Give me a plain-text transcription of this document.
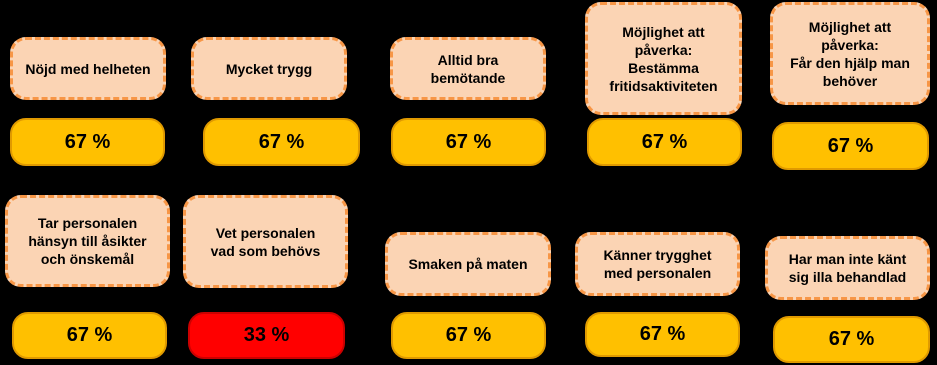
Nöjd med helheten
67 %
Mycket trygg
67 %
Alltid bra
bemötande
67 %
Möjlighet att
påverka:
Bestämma
fritidsaktiviteten
67 %
Möjlighet att
påverka:
Får den hjälp man
behöver
67 %
Tar personalen
hänsyn till åsikter
och önskemål
67 %
Vet personalen
vad som behövs
33 %
Smaken på maten
67 %
Känner trygghet
med personalen
67 %
Har man inte känt
sig illa behandlad
67 %
